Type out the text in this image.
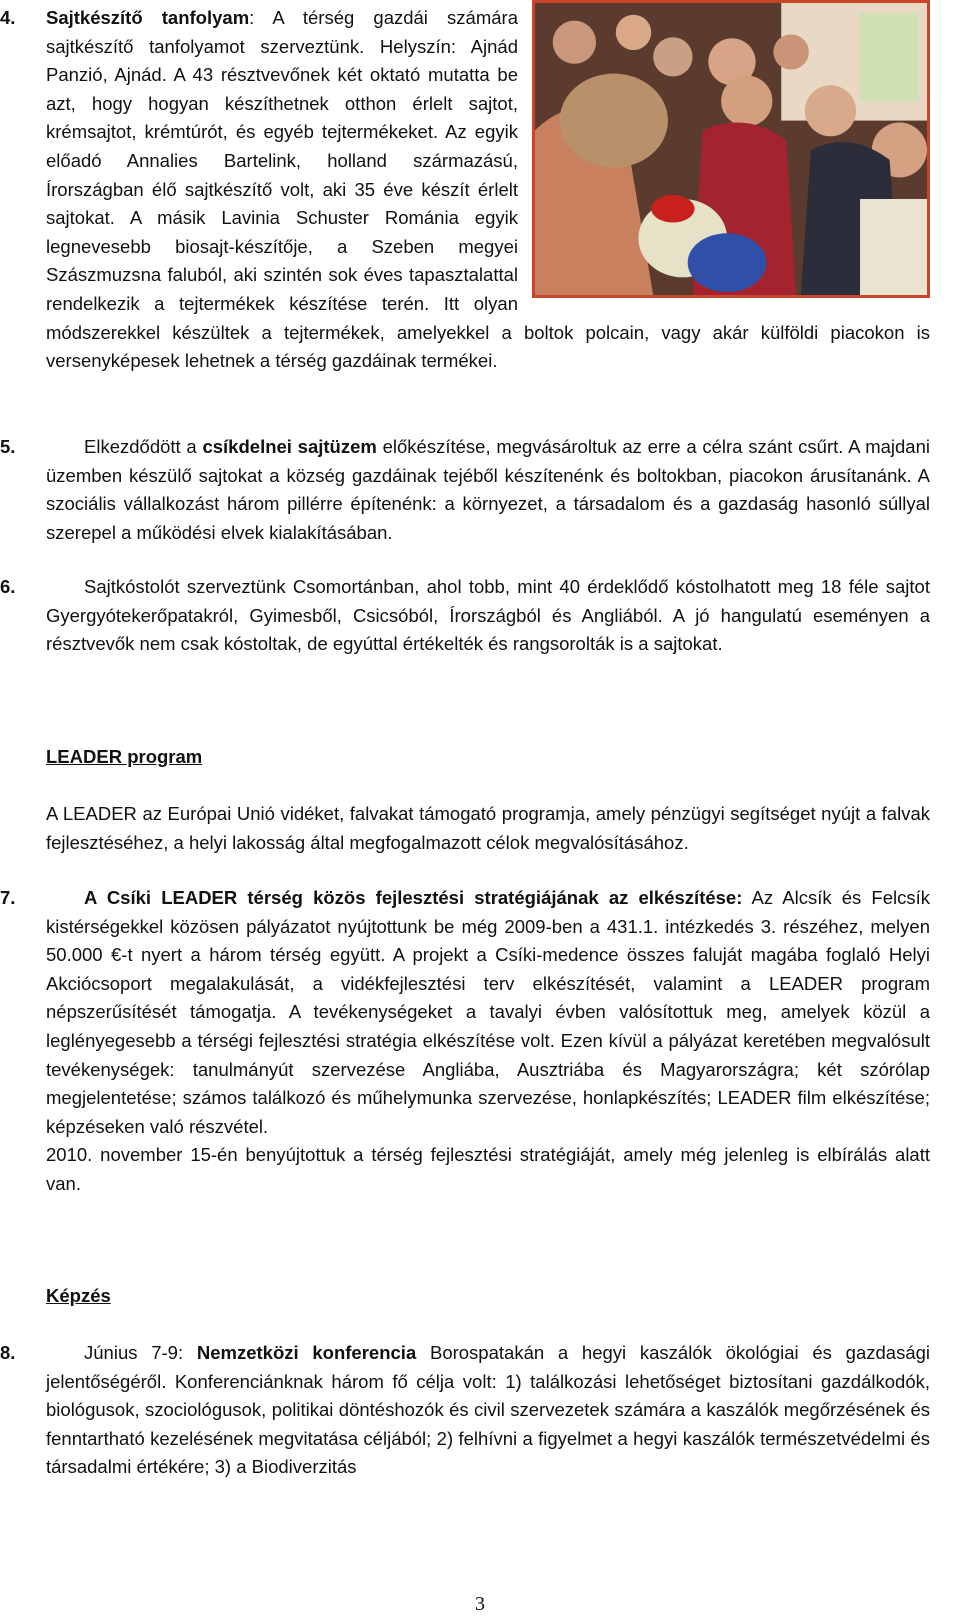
4. Sajtkészítő tanfolyam: A térség gazdái számára sajtkészítő tanfolyamot szerveztünk. Helyszín: Ajnád Panzió, Ajnád. A 43 résztvevőnek két oktató mutatta be azt, hogy hogyan készíthetnek otthon érlelt sajtot, krémsajtot, krémtúrót, és egyéb tejtermékeket. Az egyik előadó Annalies Bartelink, holland származású, Írországban élő sajtkészítő volt, aki 35 éve készít érlelt sajtokat. A másik Lavinia Schuster Románia egyik legnevesebb biosajt-készítője, a Szeben megyei Szászmuzsna faluból, aki szintén sok éves tapasztalattal rendelkezik a tejtermékek készítése terén. Itt olyan módszerekkel készültek a tejtermékek, amelyekkel a boltok polcain, vagy akár külföldi piacokon is versenyképesek lehetnek a térség gazdáinak termékei.
5.	Elkezdődött a csíkdelnei sajtüzem előkészítése, megvásároltuk az erre a célra szánt csűrt. A majdani üzemben készülő sajtokat a község gazdáinak tejéből készítenénk és boltokban, piacokon árusítanánk. A szociális vállalkozást három pillérre építenénk: a környezet, a társadalom és a gazdaság hasonló súllyal szerepel a működési elvek kialakításában.
6.	Sajtkóstolót szerveztünk Csomortánban, ahol tobb, mint 40 érdeklődő kóstolhatott meg 18 féle sajtot Gyergyótekerőpatakról, Gyimesből, Csicsóból, Írországból és Angliából. A jó hangulatú eseményen a résztvevők nem csak kóstoltak, de egyúttal értékelték és rangsorolták is a sajtokat.

LEADER program

A LEADER az Európai Unió vidéket, falvakat támogató programja, amely pénzügyi segítséget nyújt a falvak fejlesztéséhez, a helyi lakosság által megfogalmazott célok megvalósításához.
7.	A Csíki LEADER térség közös fejlesztési stratégiájának az elkészítése: Az Alcsík és Felcsík kistérségekkel közösen pályázatot nyújtottunk be még 2009-ben a 431.1. intézkedés 3. részéhez, melyen 50.000 €-t nyert a három térség együtt. A projekt a Csíki-medence összes faluját magába foglaló Helyi Akciócsoport megalakulását, a vidékfejlesztési terv elkészítését, valamint a LEADER program népszerűsítését támogatja. A tevékenységeket a tavalyi évben valósítottuk meg, amelyek közül a leglényegesebb a térségi fejlesztési stratégia elkészítése volt. Ezen kívül a pályázat keretében megvalósult tevékenységek: tanulmányút szervezése Angliába, Ausztriába és Magyarországra; két szórólap megjelentetése; számos találkozó és műhelymunka szervezése, honlapkészítés; LEADER film elkészítése; képzéseken való részvétel.
2010. november 15-én benyújtottuk a térség fejlesztési stratégiáját, amely még jelenleg is elbírálás alatt van.

Képzés

8.	Június 7-9: Nemzetközi konferencia Borospatakán a hegyi kaszálók ökológiai és gazdasági jelentőségéről. Konferenciánknak három fő célja volt: 1) találkozási lehetőséget biztosítani gazdálkodók, biológusok, szociológusok, politikai döntéshozók és civil szervezetek számára a kaszálók megőrzésének és fenntartható kezelésének megvitatása céljából; 2) felhívni a figyelmet a hegyi kaszálók természetvédelmi és társadalmi értékére; 3) a Biodiverzitás
3
